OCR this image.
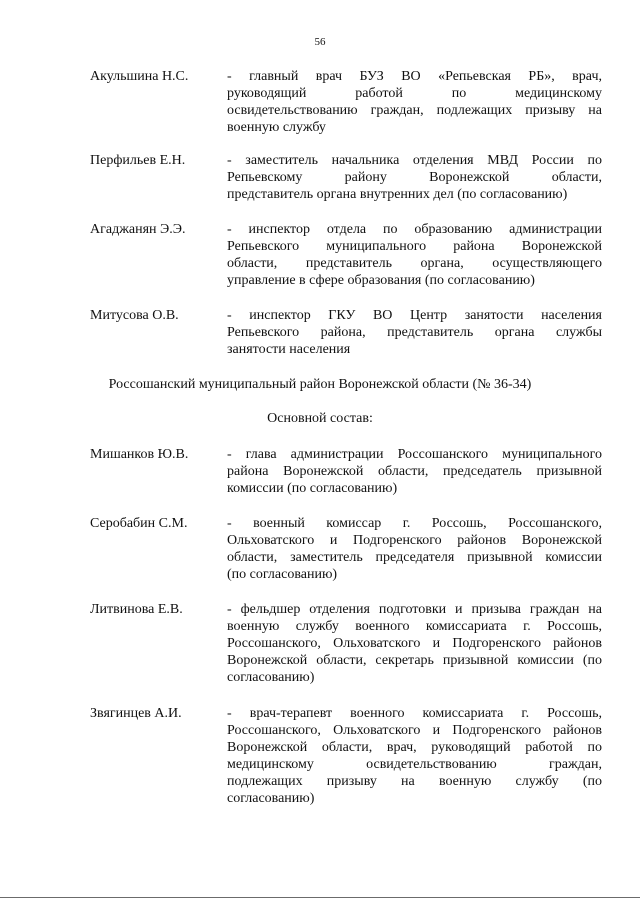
56
Акульшина Н.С.	- главный врач БУЗ ВО «Репьевская РБ», врач,
руководящий работой по медицинскому
освидетельствованию граждан, подлежащих призыву на
военную службу
Перфильев Е.Н.	- заместитель начальника отделения МВД России по
Репьевскому району Воронежской области,
представитель органа внутренних дел (по согласованию)
Агаджанян Э.Э.	- инспектор отдела по образованию администрации
Репьевского муниципального района Воронежской
области, представитель органа, осуществляющего
управление в сфере образования (по согласованию)
Митусова О.В.	- инспектор ГКУ ВО Центр занятости населения
Репьевского района, представитель органа службы
занятости населения
Россошанский муниципальный район Воронежской области (№ 36-34)
Основной состав:
Мишанков Ю.В.	- глава администрации Россошанского муниципального
района Воронежской области, председатель призывной
комиссии (по согласованию)
Серобабин С.М.	- военный комиссар г. Россошь, Россошанского,
Ольховатского и Подгоренского районов Воронежской
области, заместитель председателя призывной комиссии
(по согласованию)
Литвинова Е.В.	- фельдшер отделения подготовки и призыва граждан на
военную службу военного комиссариата г. Россошь,
Россошанского, Ольховатского и Подгоренского районов
Воронежской области, секретарь призывной комиссии (по
согласованию)
Звягинцев А.И.	- врач-терапевт военного комиссариата г. Россошь,
Россошанского, Ольховатского и Подгоренского районов
Воронежской области, врач, руководящий работой по
медицинскому освидетельствованию граждан,
подлежащих призыву на военную службу (по
согласованию)
